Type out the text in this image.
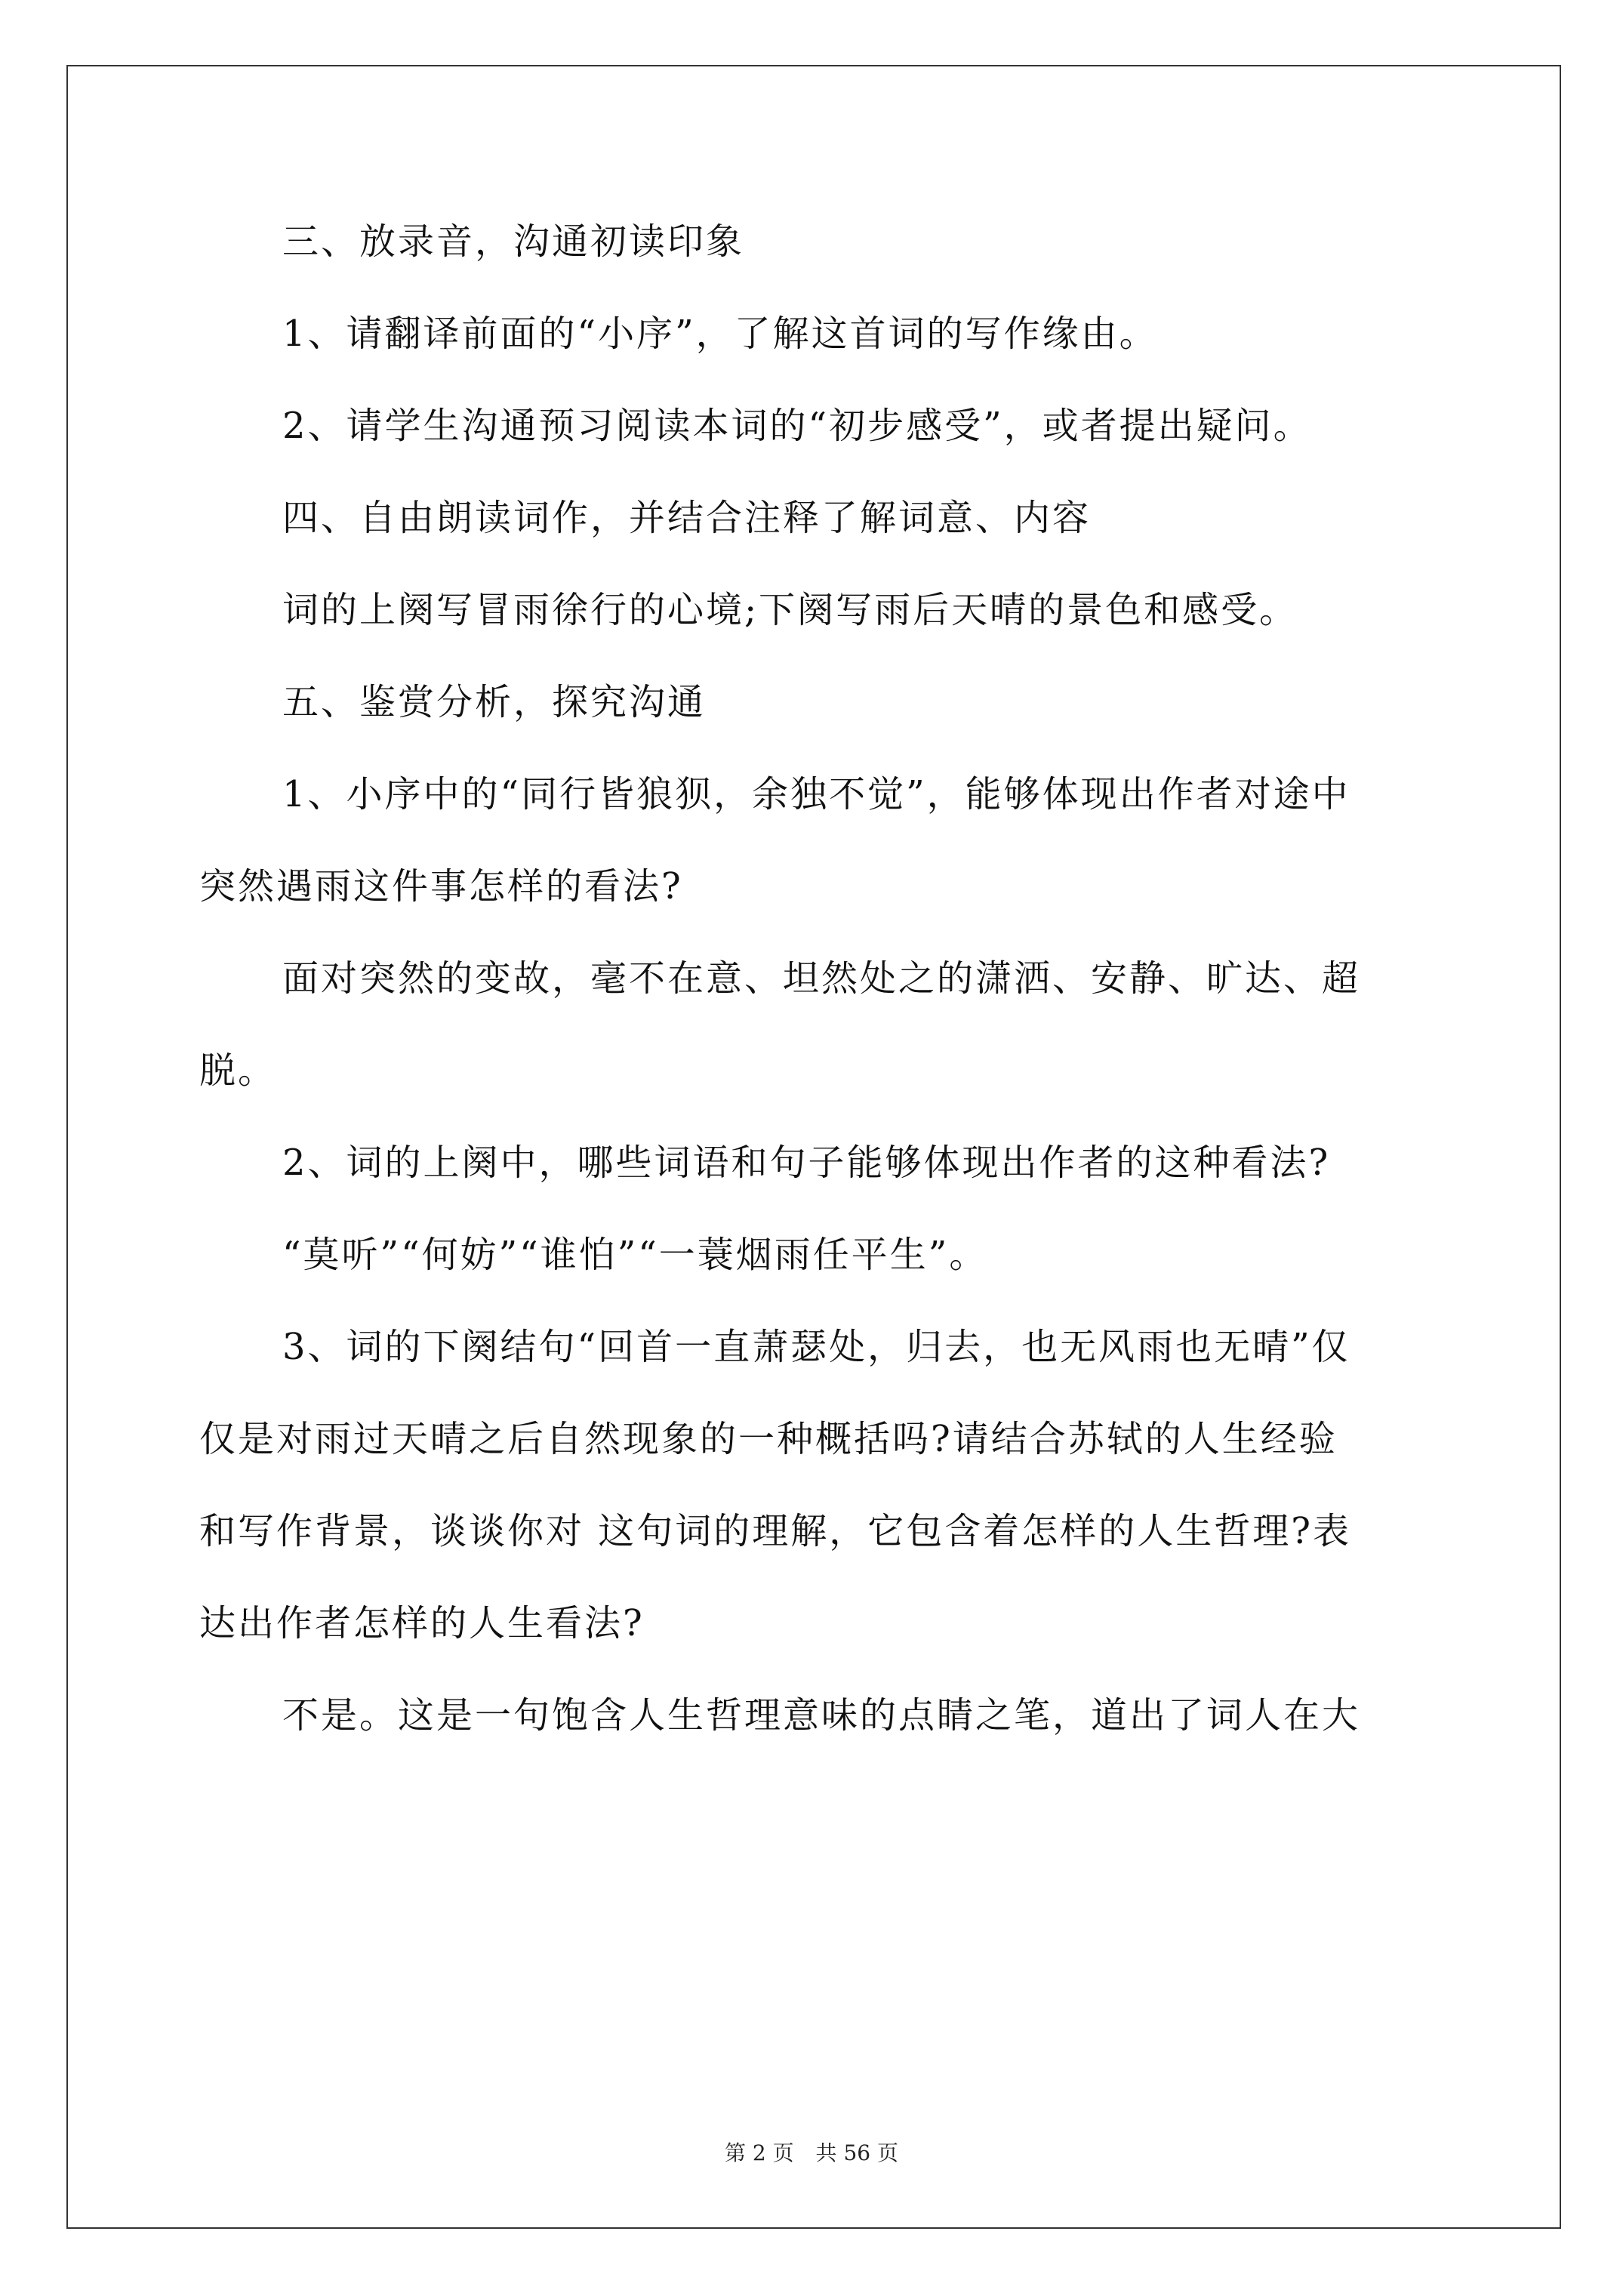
三、放录音，沟通初读印象
1、请翻译前面的“小序”，了解这首词的写作缘由。
2、请学生沟通预习阅读本词的“初步感受”，或者提出疑问。
四、自由朗读词作，并结合注释了解词意、内容
词的上阕写冒雨徐行的心境;下阕写雨后天晴的景色和感受。
五、鉴赏分析，探究沟通
1、小序中的“同行皆狼狈，余独不觉”，能够体现出作者对途中
突然遇雨这件事怎样的看法?
面对突然的变故，毫不在意、坦然处之的潇洒、安静、旷达、超
脱。
2、词的上阕中，哪些词语和句子能够体现出作者的这种看法?
“莫听”“何妨”“谁怕”“一蓑烟雨任平生”。
3、词的下阕结句“回首一直萧瑟处，归去，也无风雨也无晴”仅
仅是对雨过天晴之后自然现象的一种概括吗?请结合苏轼的人生经验
和写作背景，谈谈你对 这句词的理解，它包含着怎样的人生哲理?表
达出作者怎样的人生看法?
不是。这是一句饱含人生哲理意味的点睛之笔，道出了词人在大
第 2 页 共 56 页
